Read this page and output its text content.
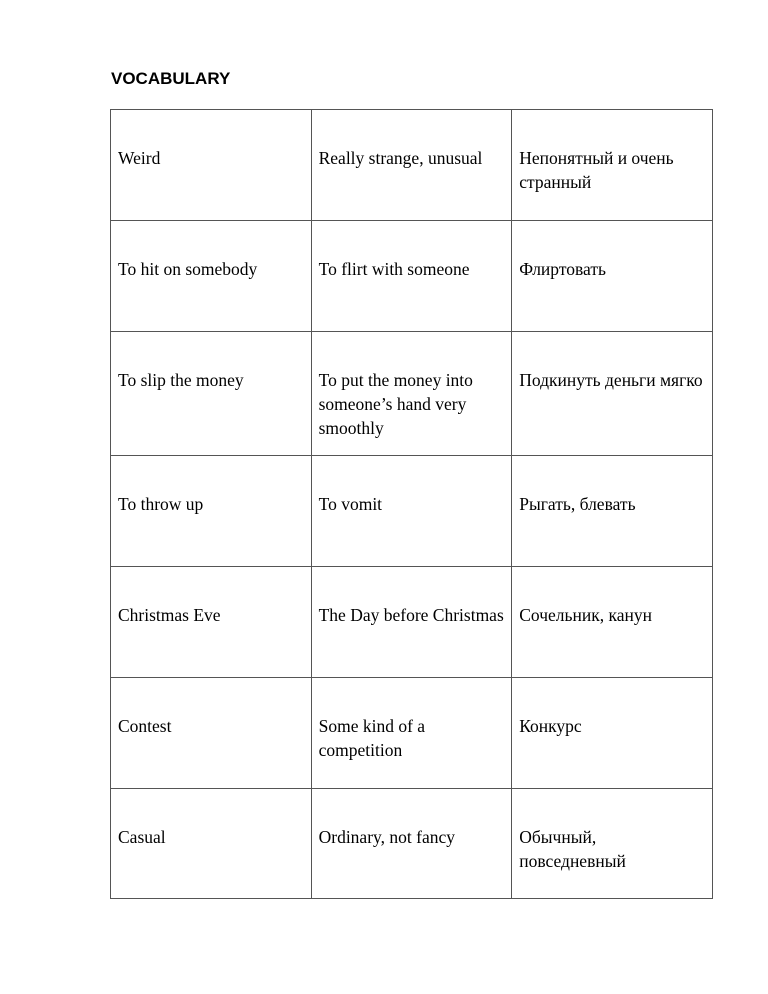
VOCABULARY
Weird	Really strange, unusual	Непонятный и очень странный
To hit on somebody	To flirt with someone	Флиртовать
To slip the money	To put the money into someone’s hand very smoothly	Подкинуть деньги мягко
To throw up	To vomit	Рыгать, блевать
Christmas Eve	The Day before Christmas	Сочельник, канун
Contest	Some kind of a competition	Конкурс
Casual	Ordinary, not fancy	Обычный, повседневный
